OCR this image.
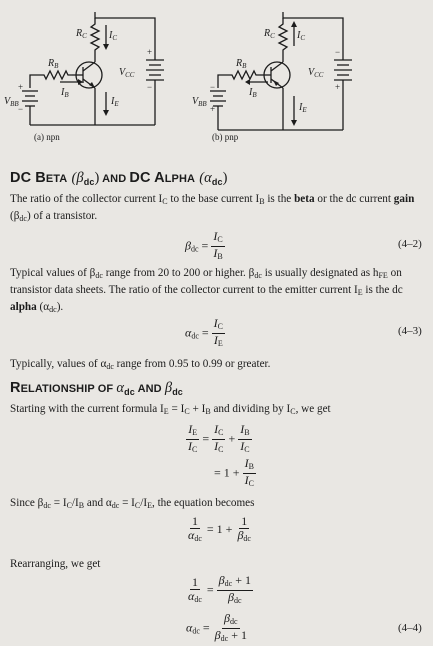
$R_C$ $I_C$
$R_B$
$I_B$
$V_{BB}$
$V_{CC}$
$I_E$
(a) npn	(b) pnp
+
−
+
−
−
+
−
+
$R_C$ $I_C$
$R_B$
$I_B$
$V_{BB}$
$V_{CC}$
$I_E$
DC BETA $(\beta_{dc})$ AND DC ALPHA $(\alpha_{dc})$
The ratio of the collector current $I_C$ to the base current $I_B$ is the beta or the dc current gain
$(\beta_{dc})$ of a transistor.
$\beta_{dc} = \frac{I_C}{I_B}$	(4–2)
Typical values of $\beta_{dc}$ range from 20 to 200 or higher. $\beta_{dc}$ is usually designated as $h_{FE}$ on
transistor data sheets. The ratio of the collector current to the emitter current $I_E$ is the dc
alpha $(\alpha_{dc})$.
$\alpha_{dc} = \frac{I_C}{I_E}$	(4–3)
Typically, values of $\alpha_{dc}$ range from 0.95 to 0.99 or greater.
RELATIONSHIP OF $\alpha_{dc}$ AND $\beta_{dc}$
Starting with the current formula $I_E = I_C + I_B$ and dividing by $I_C$, we get
$\frac{I_E}{I_C} = \frac{I_C}{I_C} + \frac{I_B}{I_C}$
= $1 + \frac{I_B}{I_C}$
Since $\beta_{dc} = I_C/I_B$ and $\alpha_{dc} = I_C/I_E$, the equation becomes
$\frac{1}{\alpha_{dc}} = 1 + \frac{1}{\beta_{dc}}$
Rearranging, we get
$\frac{1}{\alpha_{dc}} = \frac{\beta_{dc} + 1}{\beta_{dc}}$
$\alpha_{dc} = \frac{\beta_{dc}}{\beta_{dc} + 1}$	(4–4)
